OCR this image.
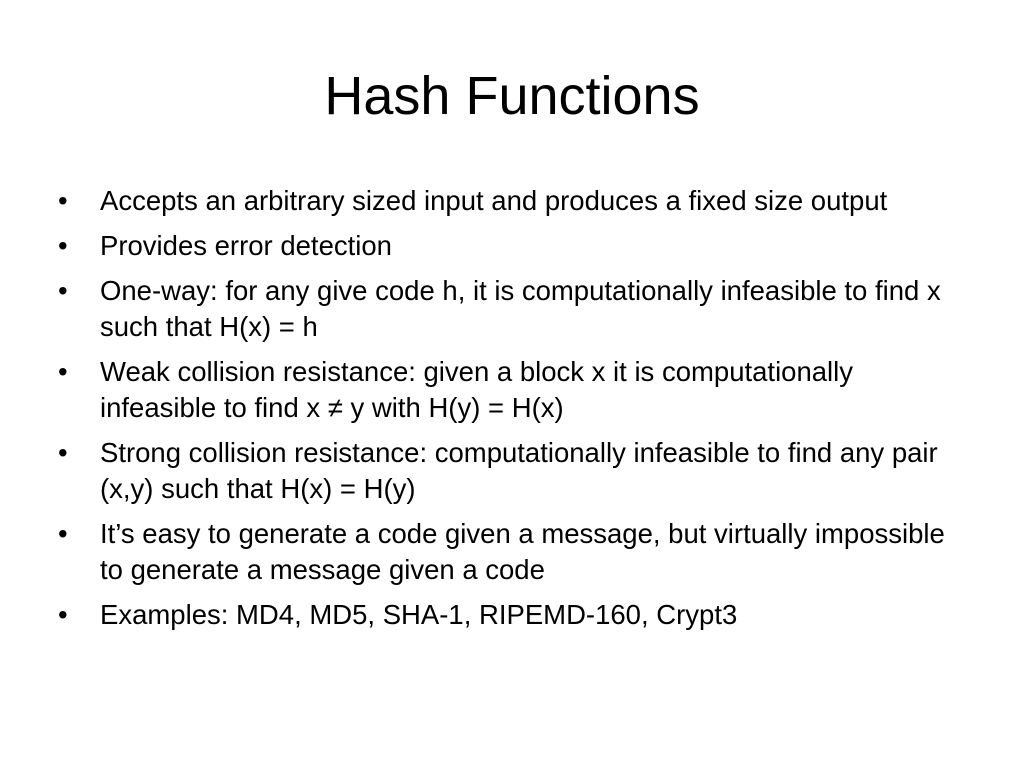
Hash Functions
•	Accepts an arbitrary sized input and produces a fixed size output
•	Provides error detection
•	One-way: for any give code h, it is computationally infeasible to find x such that H(x) = h
•	Weak collision resistance: given a block x it is computationally infeasible to find x ≠ y with H(y) = H(x)
•	Strong collision resistance: computationally infeasible to find any pair (x,y) such that H(x) = H(y)
•	It’s easy to generate a code given a message, but virtually impossible to generate a message given a code
•	Examples: MD4, MD5, SHA-1, RIPEMD-160, Crypt3
